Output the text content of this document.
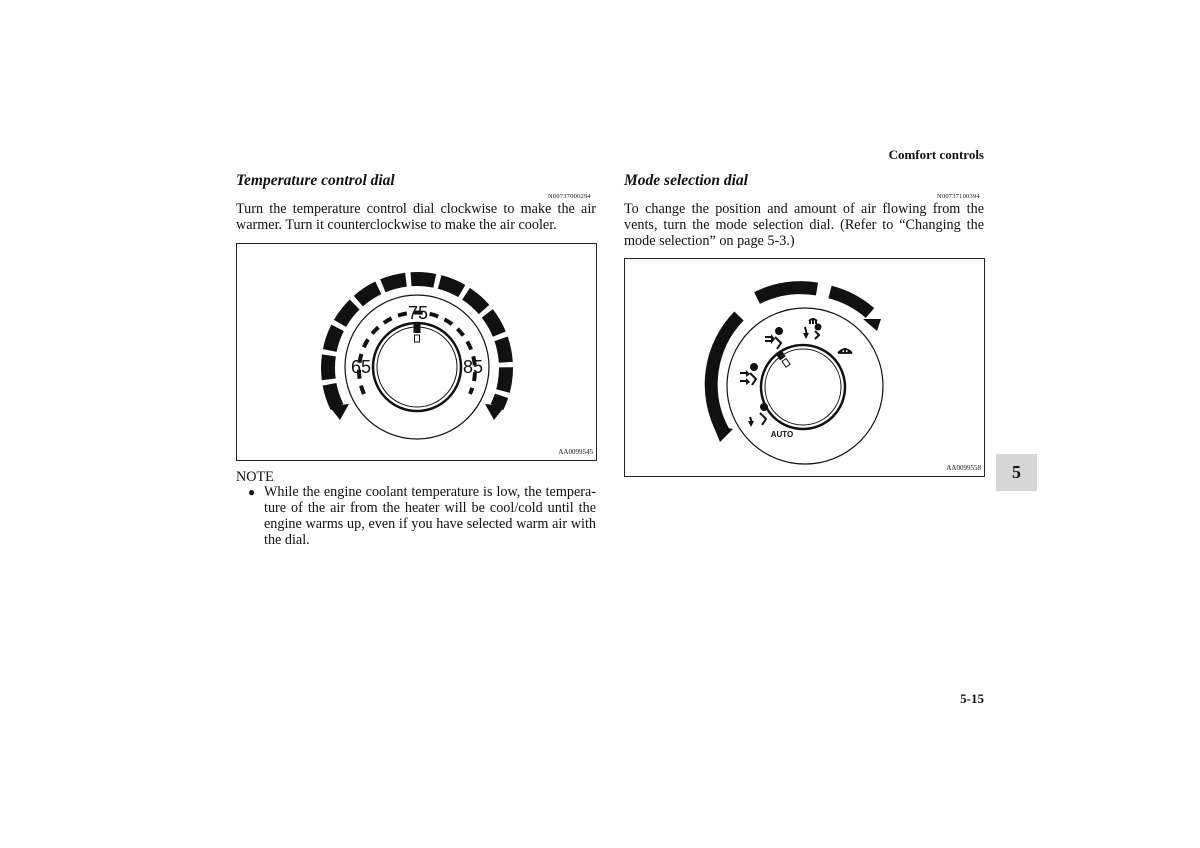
Comfort controls
Temperature control dial
N00737000294
Turn the temperature control dial clockwise to make the air warmer. Turn it counterclockwise to make the air cooler.
75
65	85
AA0099545
NOTE
● While the engine coolant temperature is low, the tempera-ture of the air from the heater will be cool/cold until the engine warms up, even if you have selected warm air with the dial.
Mode selection dial
N00737100394
To change the position and amount of air flowing from the vents, turn the mode selection dial. (Refer to “Changing the mode selection” on page 5-3.)
AUTO
AA0099558	5
5-15
